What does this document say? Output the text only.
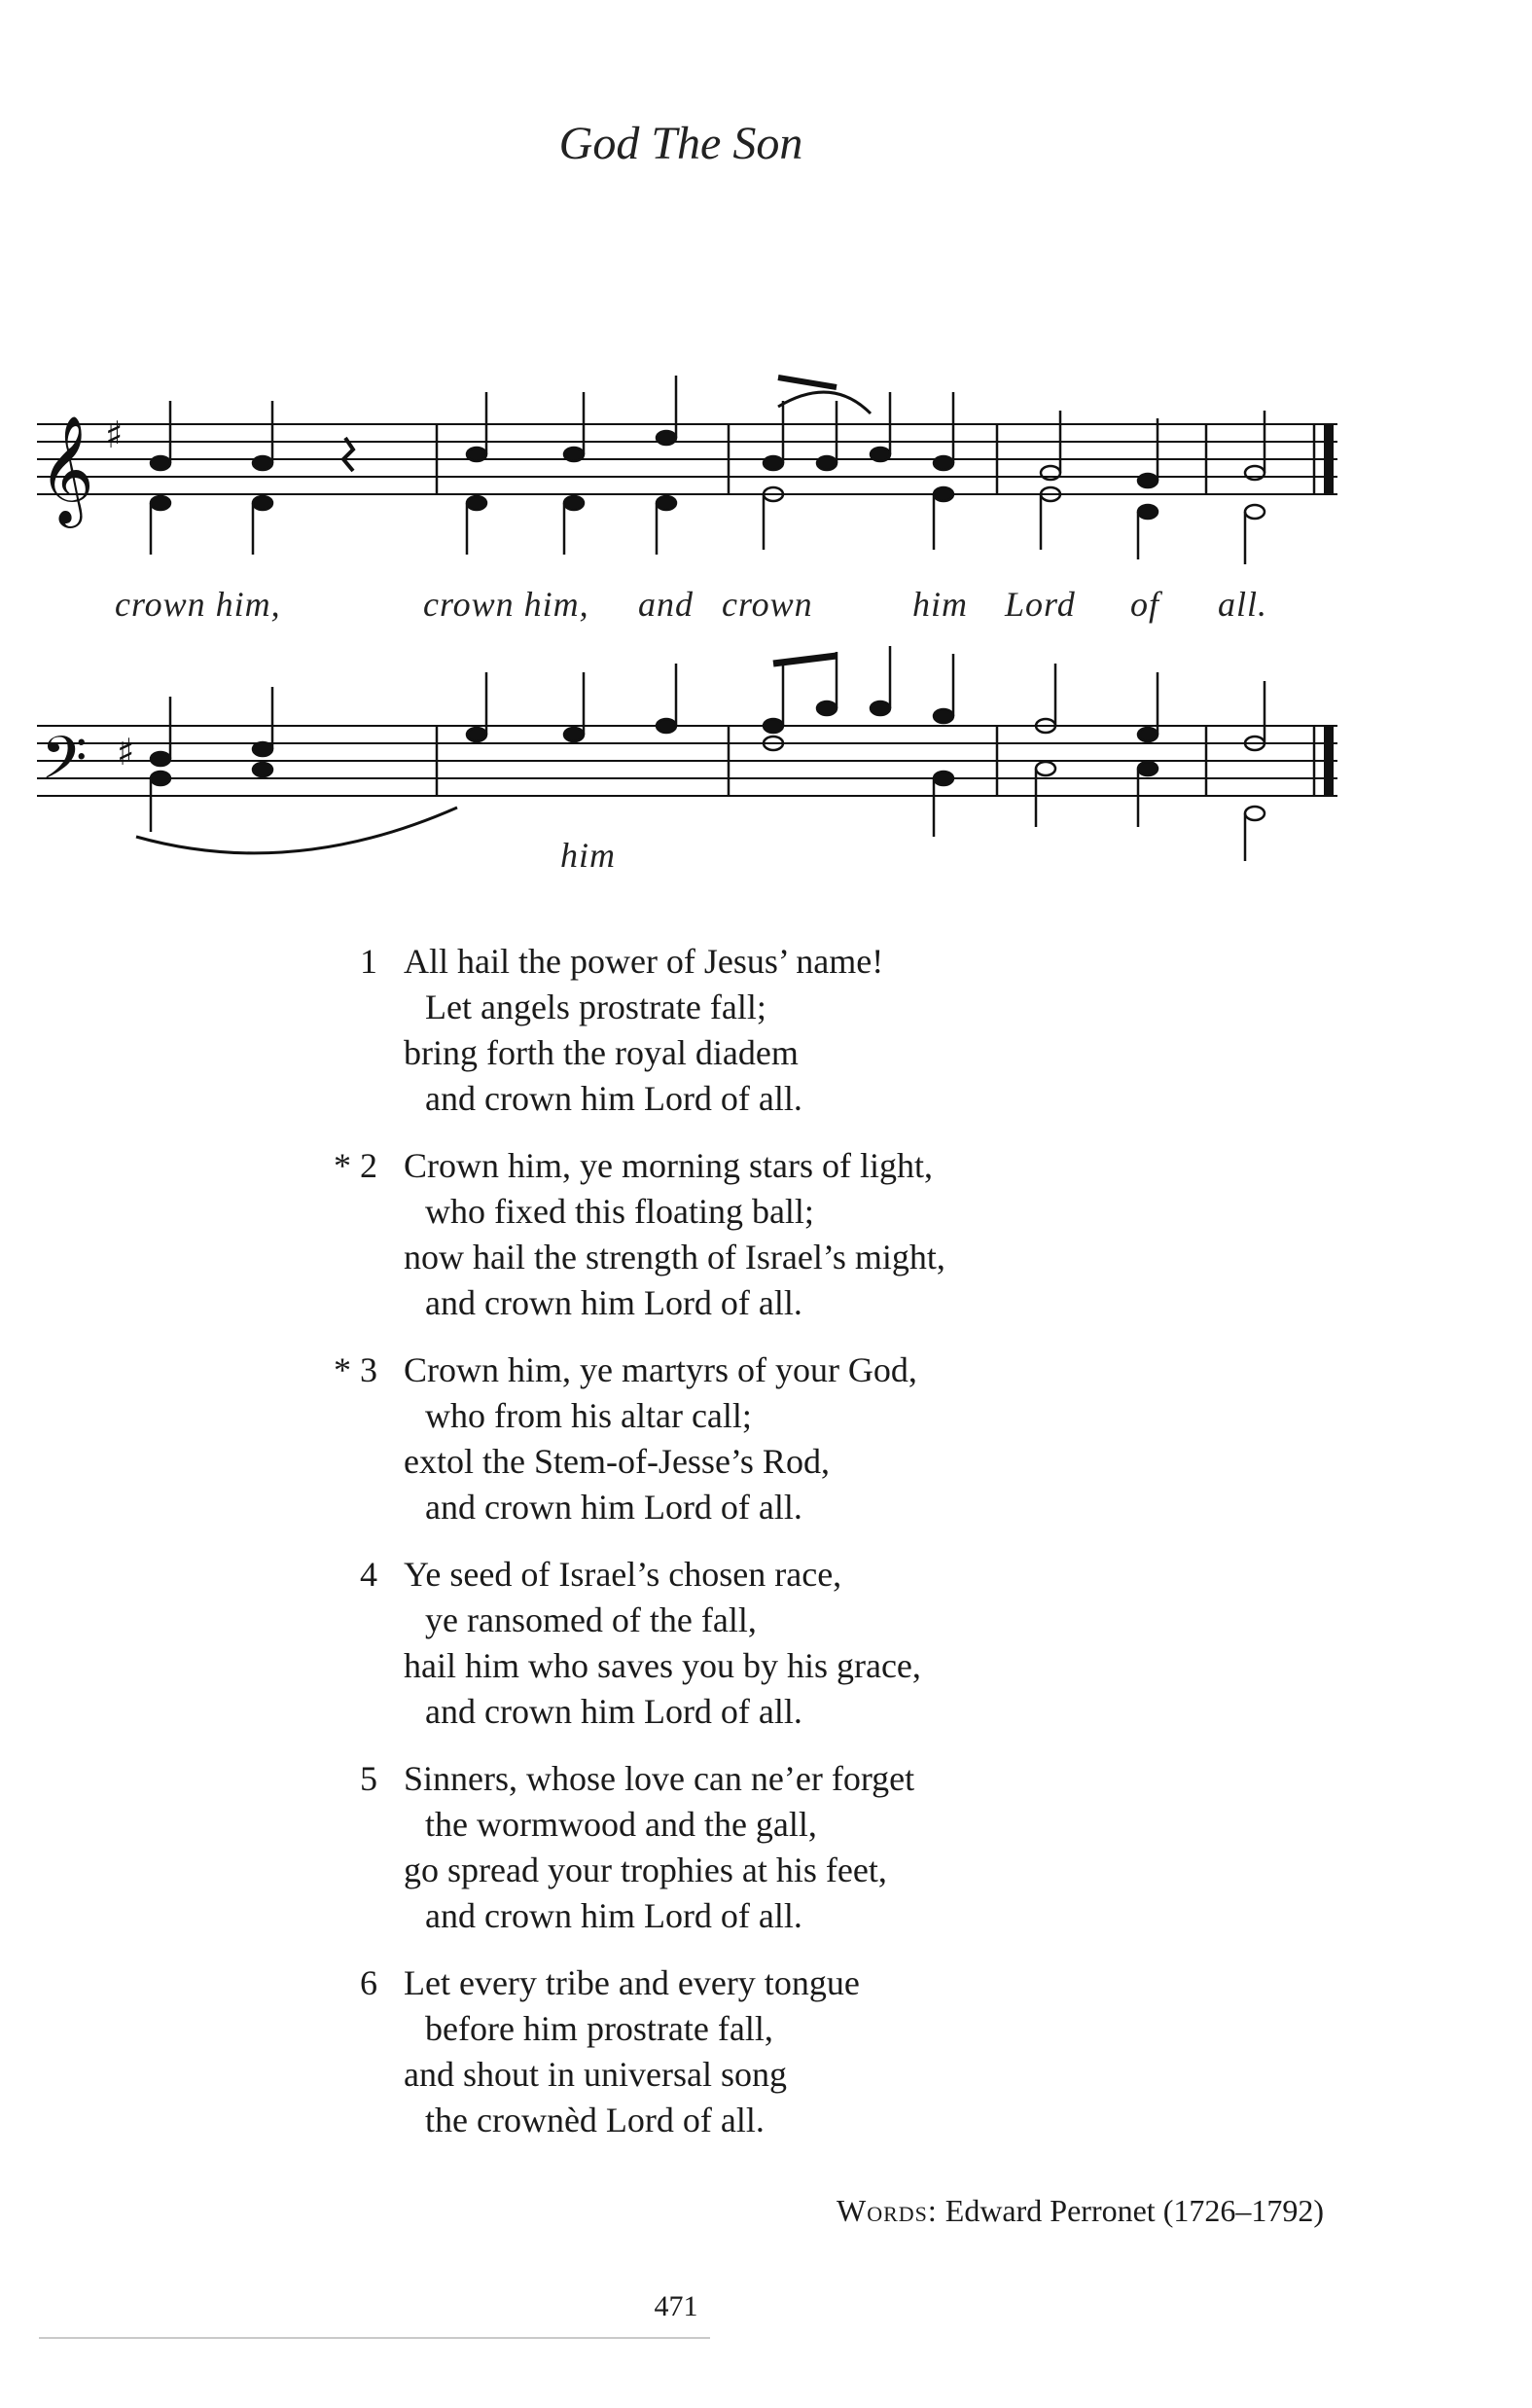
God The Son
𝄞
𝄢
♯
♯
crown him,	crown him, and crown	him Lord of all.
him
1 All hail the power of Jesus’ name!
Let angels prostrate fall;
bring forth the royal diadem
and crown him Lord of all.
* 2 Crown him, ye morning stars of light,
who fixed this floating ball;
now hail the strength of Israel’s might,
and crown him Lord of all.
* 3 Crown him, ye martyrs of your God,
who from his altar call;
extol the Stem-of-Jesse’s Rod,
and crown him Lord of all.
4 Ye seed of Israel’s chosen race,
ye ransomed of the fall,
hail him who saves you by his grace,
and crown him Lord of all.
5 Sinners, whose love can ne’er forget
the wormwood and the gall,
go spread your trophies at his feet,
and crown him Lord of all.
6 Let every tribe and every tongue
before him prostrate fall,
and shout in universal song
the crownèd Lord of all.
Words: Edward Perronet (1726–1792)
471
